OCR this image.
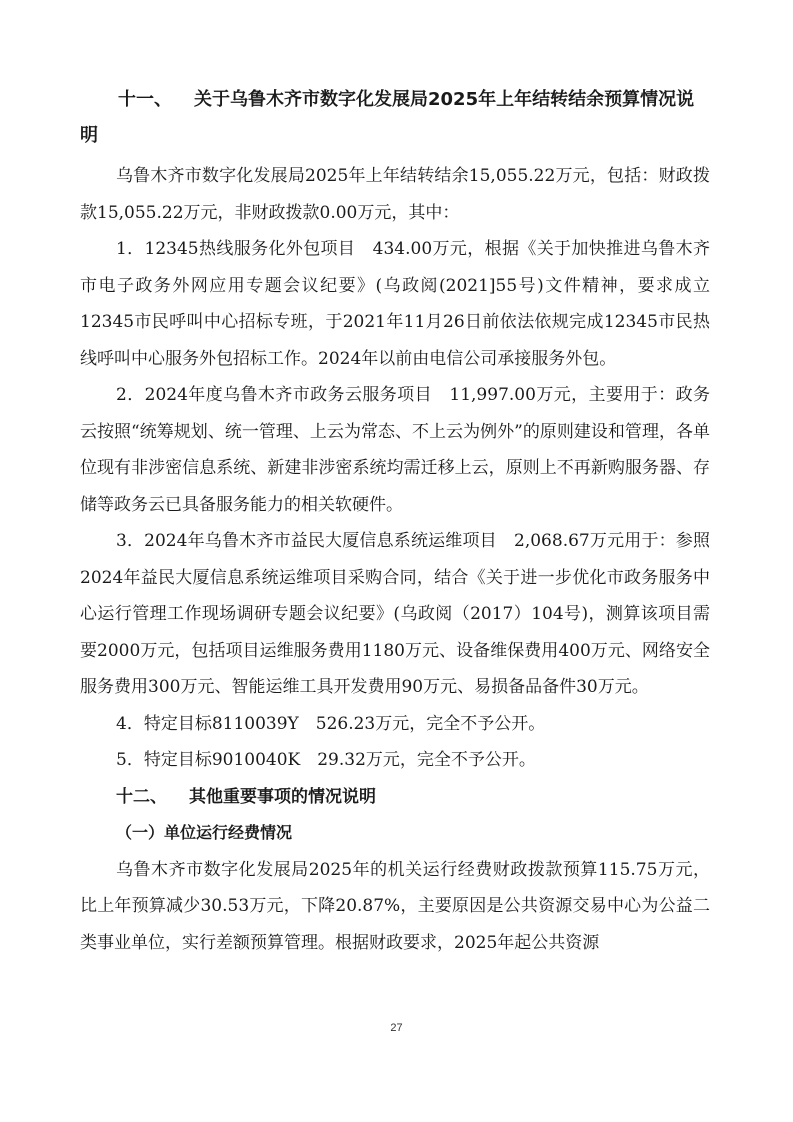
十一、 关于乌鲁木齐市数字化发展局2025年上年结转结余预算情况说明

乌鲁木齐市数字化发展局2025年上年结转结余15,055.22万元，包括：财政拨款15,055.22万元，非财政拨款0.00万元，其中：

1．12345热线服务化外包项目　434.00万元，根据《关于加快推进乌鲁木齐市电子政务外网应用专题会议纪要》(乌政阅(2021]55号)文件精神，要求成立12345市民呼叫中心招标专班，于2021年11月26日前依法依规完成12345市民热线呼叫中心服务外包招标工作。2024年以前由电信公司承接服务外包。

2．2024年度乌鲁木齐市政务云服务项目　11,997.00万元，主要用于：政务云按照“统筹规划、统一管理、上云为常态、不上云为例外”的原则建设和管理，各单位现有非涉密信息系统、新建非涉密系统均需迁移上云，原则上不再新购服务器、存储等政务云已具备服务能力的相关软硬件。

3．2024年乌鲁木齐市益民大厦信息系统运维项目　2,068.67万元用于：参照2024年益民大厦信息系统运维项目采购合同，结合《关于进一步优化市政务服务中心运行管理工作现场调研专题会议纪要》(乌政阅（2017）104号)，测算该项目需要2000万元，包括项目运维服务费用1180万元、设备维保费用400万元、网络安全服务费用300万元、智能运维工具开发费用90万元、易损备品备件30万元。

4．特定目标8110039Y　526.23万元，完全不予公开。

5．特定目标9010040K　29.32万元，完全不予公开。

十二、 其他重要事项的情况说明
（一）单位运行经费情况

乌鲁木齐市数字化发展局2025年的机关运行经费财政拨款预算115.75万元，比上年预算减少30.53万元，下降20.87%，主要原因是公共资源交易中心为公益二类事业单位，实行差额预算管理。根据财政要求，2025年起公共资源

27
